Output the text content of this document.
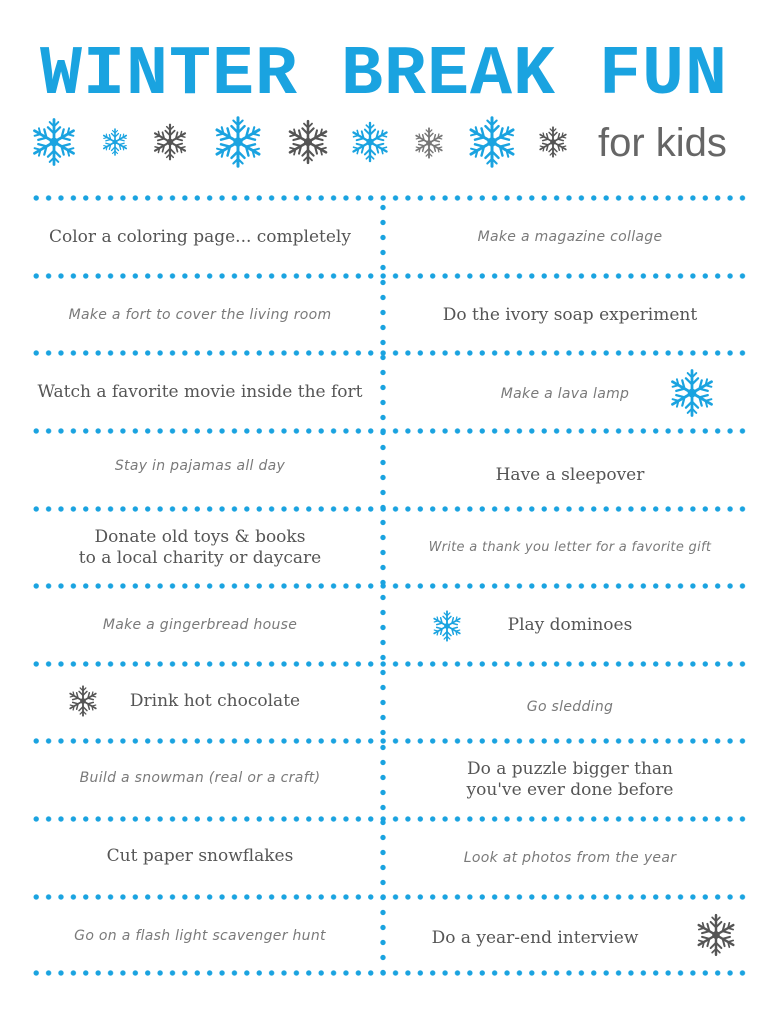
WINTER BREAK FUN
for kids
Color a coloring page... completely
Make a fort to cover the living room
Watch a favorite movie inside the fort
Stay in pajamas all day
Donate old toys & books
to a local charity or daycare
Make a gingerbread house
Drink hot chocolate
Build a snowman (real or a craft)
Cut paper snowflakes
Go on a flash light scavenger hunt
Make a magazine collage
Do the ivory soap experiment
Make a lava lamp
Have a sleepover
Write a thank you letter for a favorite gift
Play dominoes
Go sledding
Do a puzzle bigger than
you've ever done before
Look at photos from the year
Do a year-end interview
